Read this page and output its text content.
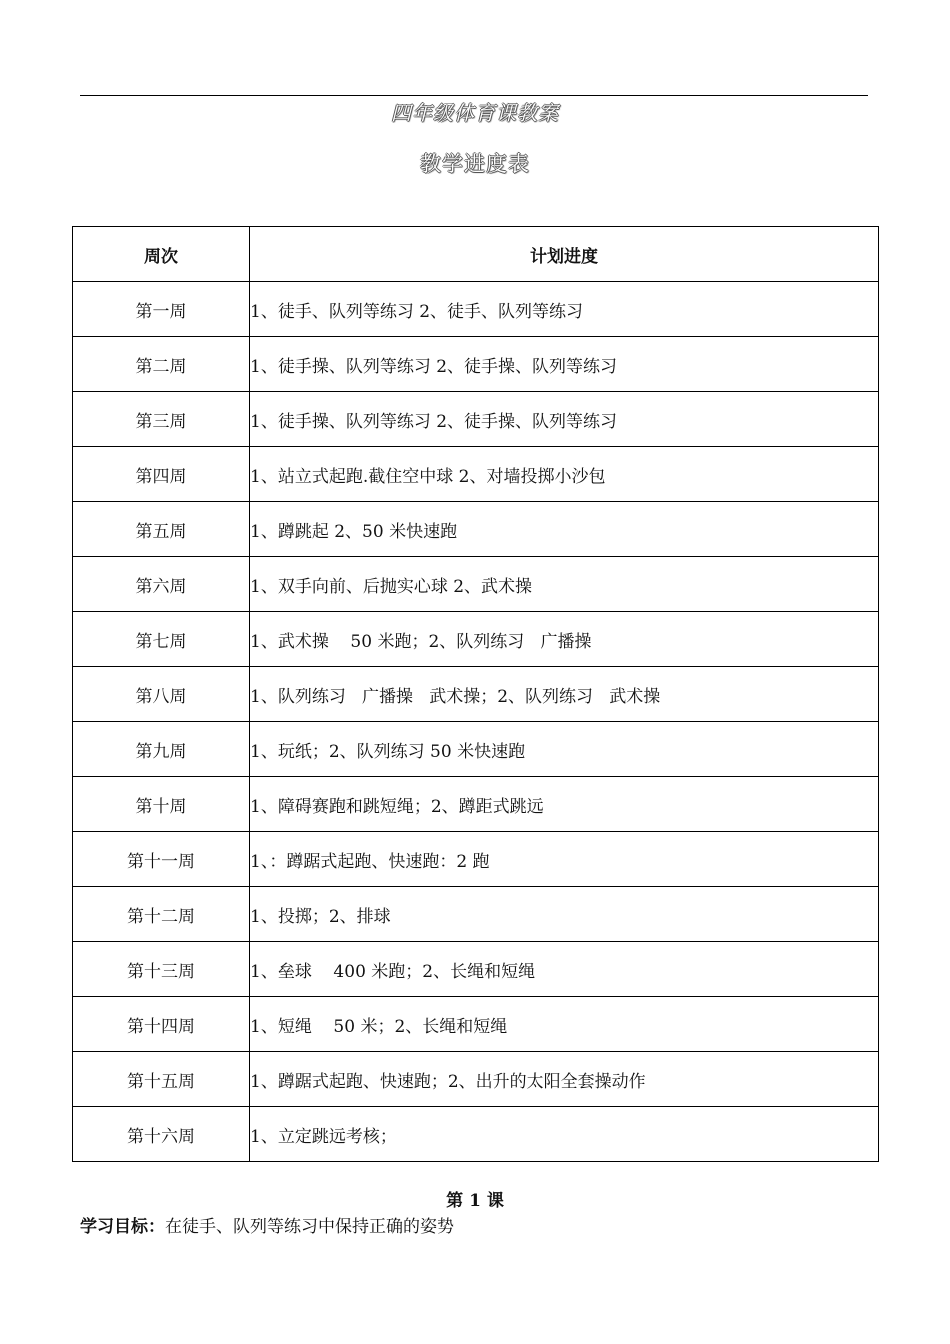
四年级体育课教案
教学进度表
周次	计划进度
第一周	1、徒手、队列等练习 2、徒手、队列等练习
第二周	1、徒手操、队列等练习 2、徒手操、队列等练习
第三周	1、徒手操、队列等练习 2、徒手操、队列等练习
第四周	1、站立式起跑.截住空中球 2、对墙投掷小沙包
第五周	1、蹲跳起 2、50 米快速跑
第六周	1、双手向前、后抛实心球 2、武术操
第七周	1、武术操    50 米跑；2、队列练习   广播操
第八周	1、队列练习   广播操   武术操；2、队列练习   武术操
第九周	1、玩纸；2、队列练习 50 米快速跑
第十周	1、障碍赛跑和跳短绳；2、蹲距式跳远
第十一周	1、：蹲踞式起跑、快速跑：2 跑
第十二周	1、投掷；2、排球
第十三周	1、垒球    400 米跑；2、长绳和短绳
第十四周	1、短绳    50 米；2、长绳和短绳
第十五周	1、蹲踞式起跑、快速跑；2、出升的太阳全套操动作
第十六周	1、立定跳远考核；
第 1 课
学习目标：在徒手、队列等练习中保持正确的姿势
